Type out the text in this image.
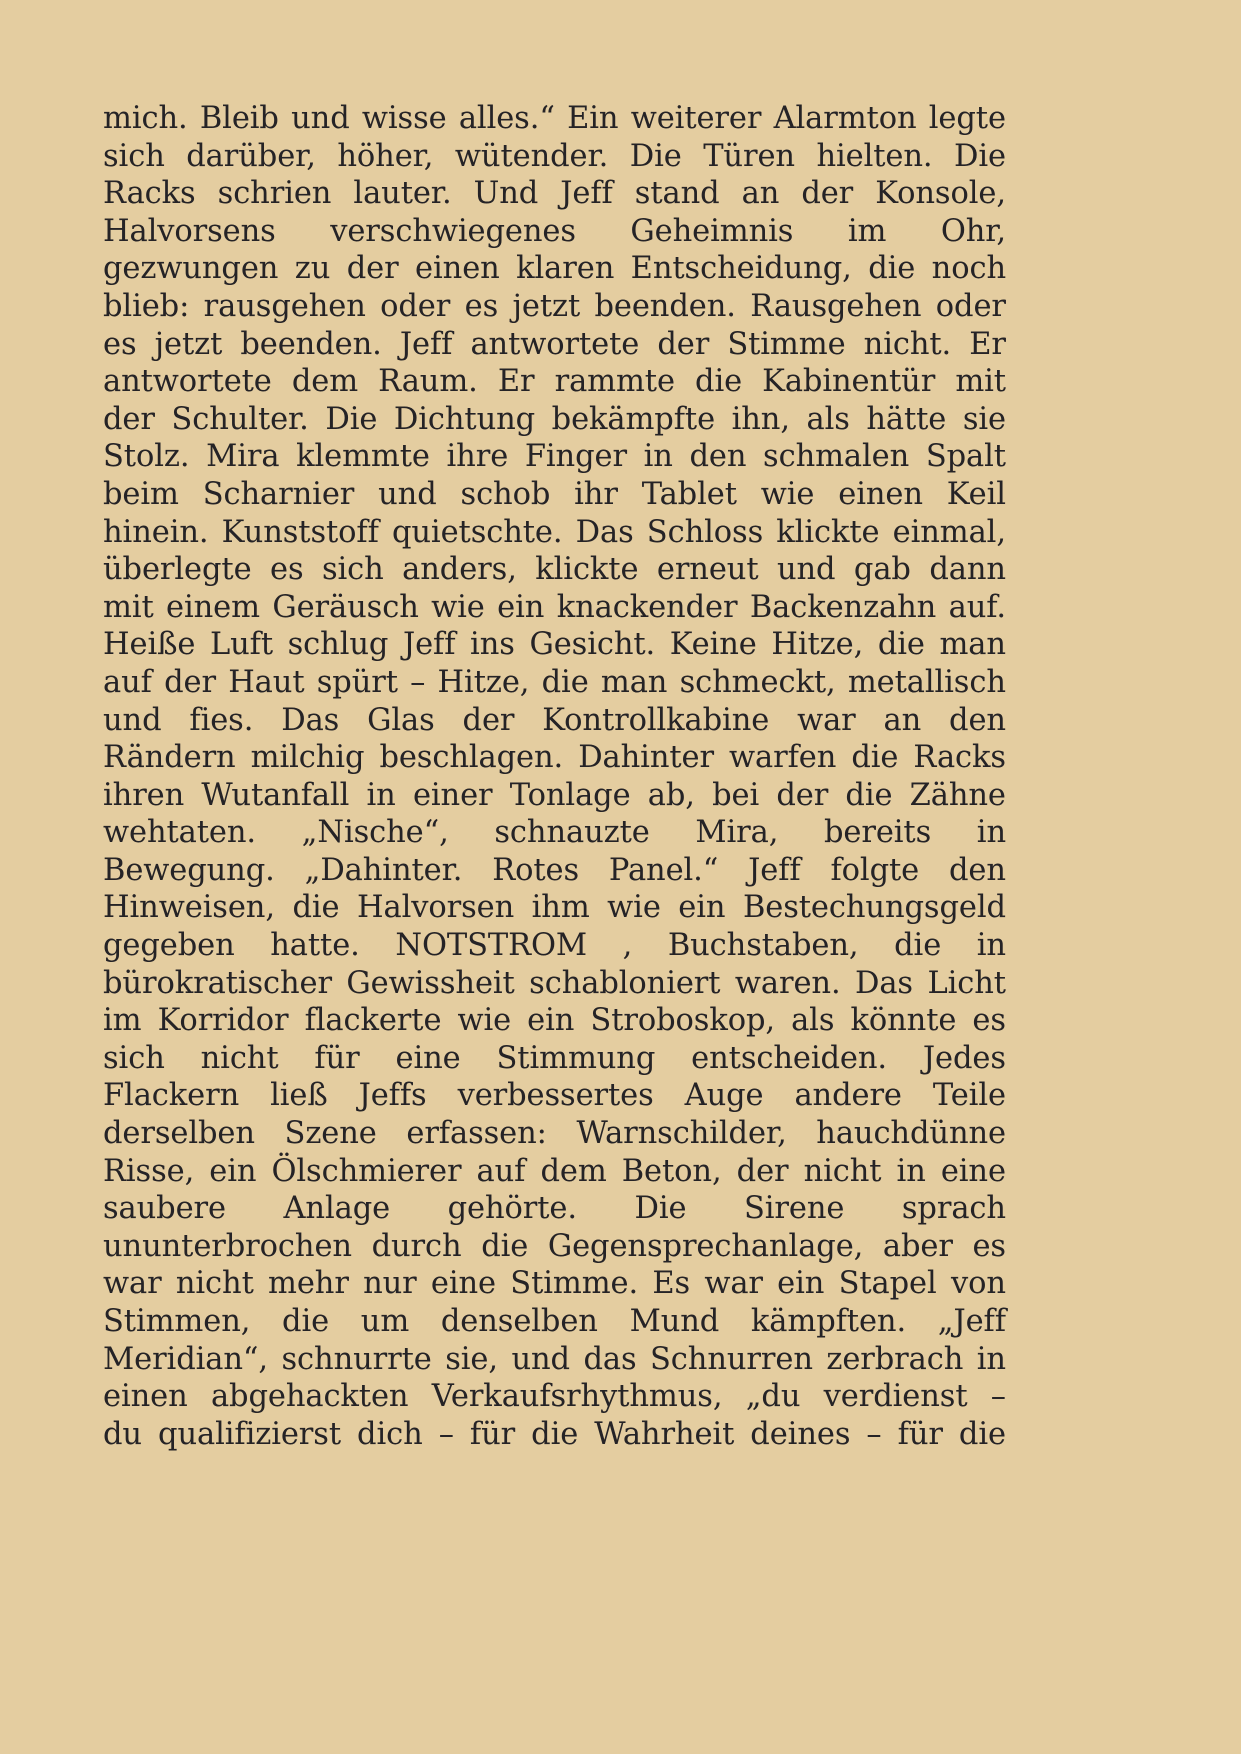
mich. Bleib und wisse alles.“ Ein weiterer Alarmton legte
sich darüber, höher, wütender. Die Türen hielten. Die
Racks schrien lauter. Und Jeff stand an der Konsole,
Halvorsens verschwiegenes Geheimnis im Ohr,
gezwungen zu der einen klaren Entscheidung, die noch
blieb: rausgehen oder es jetzt beenden. Rausgehen oder
es jetzt beenden. Jeff antwortete der Stimme nicht. Er
antwortete dem Raum. Er rammte die Kabinentür mit
der Schulter. Die Dichtung bekämpfte ihn, als hätte sie
Stolz. Mira klemmte ihre Finger in den schmalen Spalt
beim Scharnier und schob ihr Tablet wie einen Keil
hinein. Kunststoff quietschte. Das Schloss klickte einmal,
überlegte es sich anders, klickte erneut und gab dann
mit einem Geräusch wie ein knackender Backenzahn auf.
Heiße Luft schlug Jeff ins Gesicht. Keine Hitze, die man
auf der Haut spürt – Hitze, die man schmeckt, metallisch
und fies. Das Glas der Kontrollkabine war an den
Rändern milchig beschlagen. Dahinter warfen die Racks
ihren Wutanfall in einer Tonlage ab, bei der die Zähne
wehtaten. „Nische“, schnauzte Mira, bereits in
Bewegung. „Dahinter. Rotes Panel.“ Jeff folgte den
Hinweisen, die Halvorsen ihm wie ein Bestechungsgeld
gegeben hatte. NOTSTROM , Buchstaben, die in
bürokratischer Gewissheit schabloniert waren. Das Licht
im Korridor flackerte wie ein Stroboskop, als könnte es
sich nicht für eine Stimmung entscheiden. Jedes
Flackern ließ Jeffs verbessertes Auge andere Teile
derselben Szene erfassen: Warnschilder, hauchdünne
Risse, ein Ölschmierer auf dem Beton, der nicht in eine
saubere Anlage gehörte. Die Sirene sprach
ununterbrochen durch die Gegensprechanlage, aber es
war nicht mehr nur eine Stimme. Es war ein Stapel von
Stimmen, die um denselben Mund kämpften. „Jeff
Meridian“, schnurrte sie, und das Schnurren zerbrach in
einen abgehackten Verkaufsrhythmus, „du verdienst –
du qualifizierst dich – für die Wahrheit deines – für die
